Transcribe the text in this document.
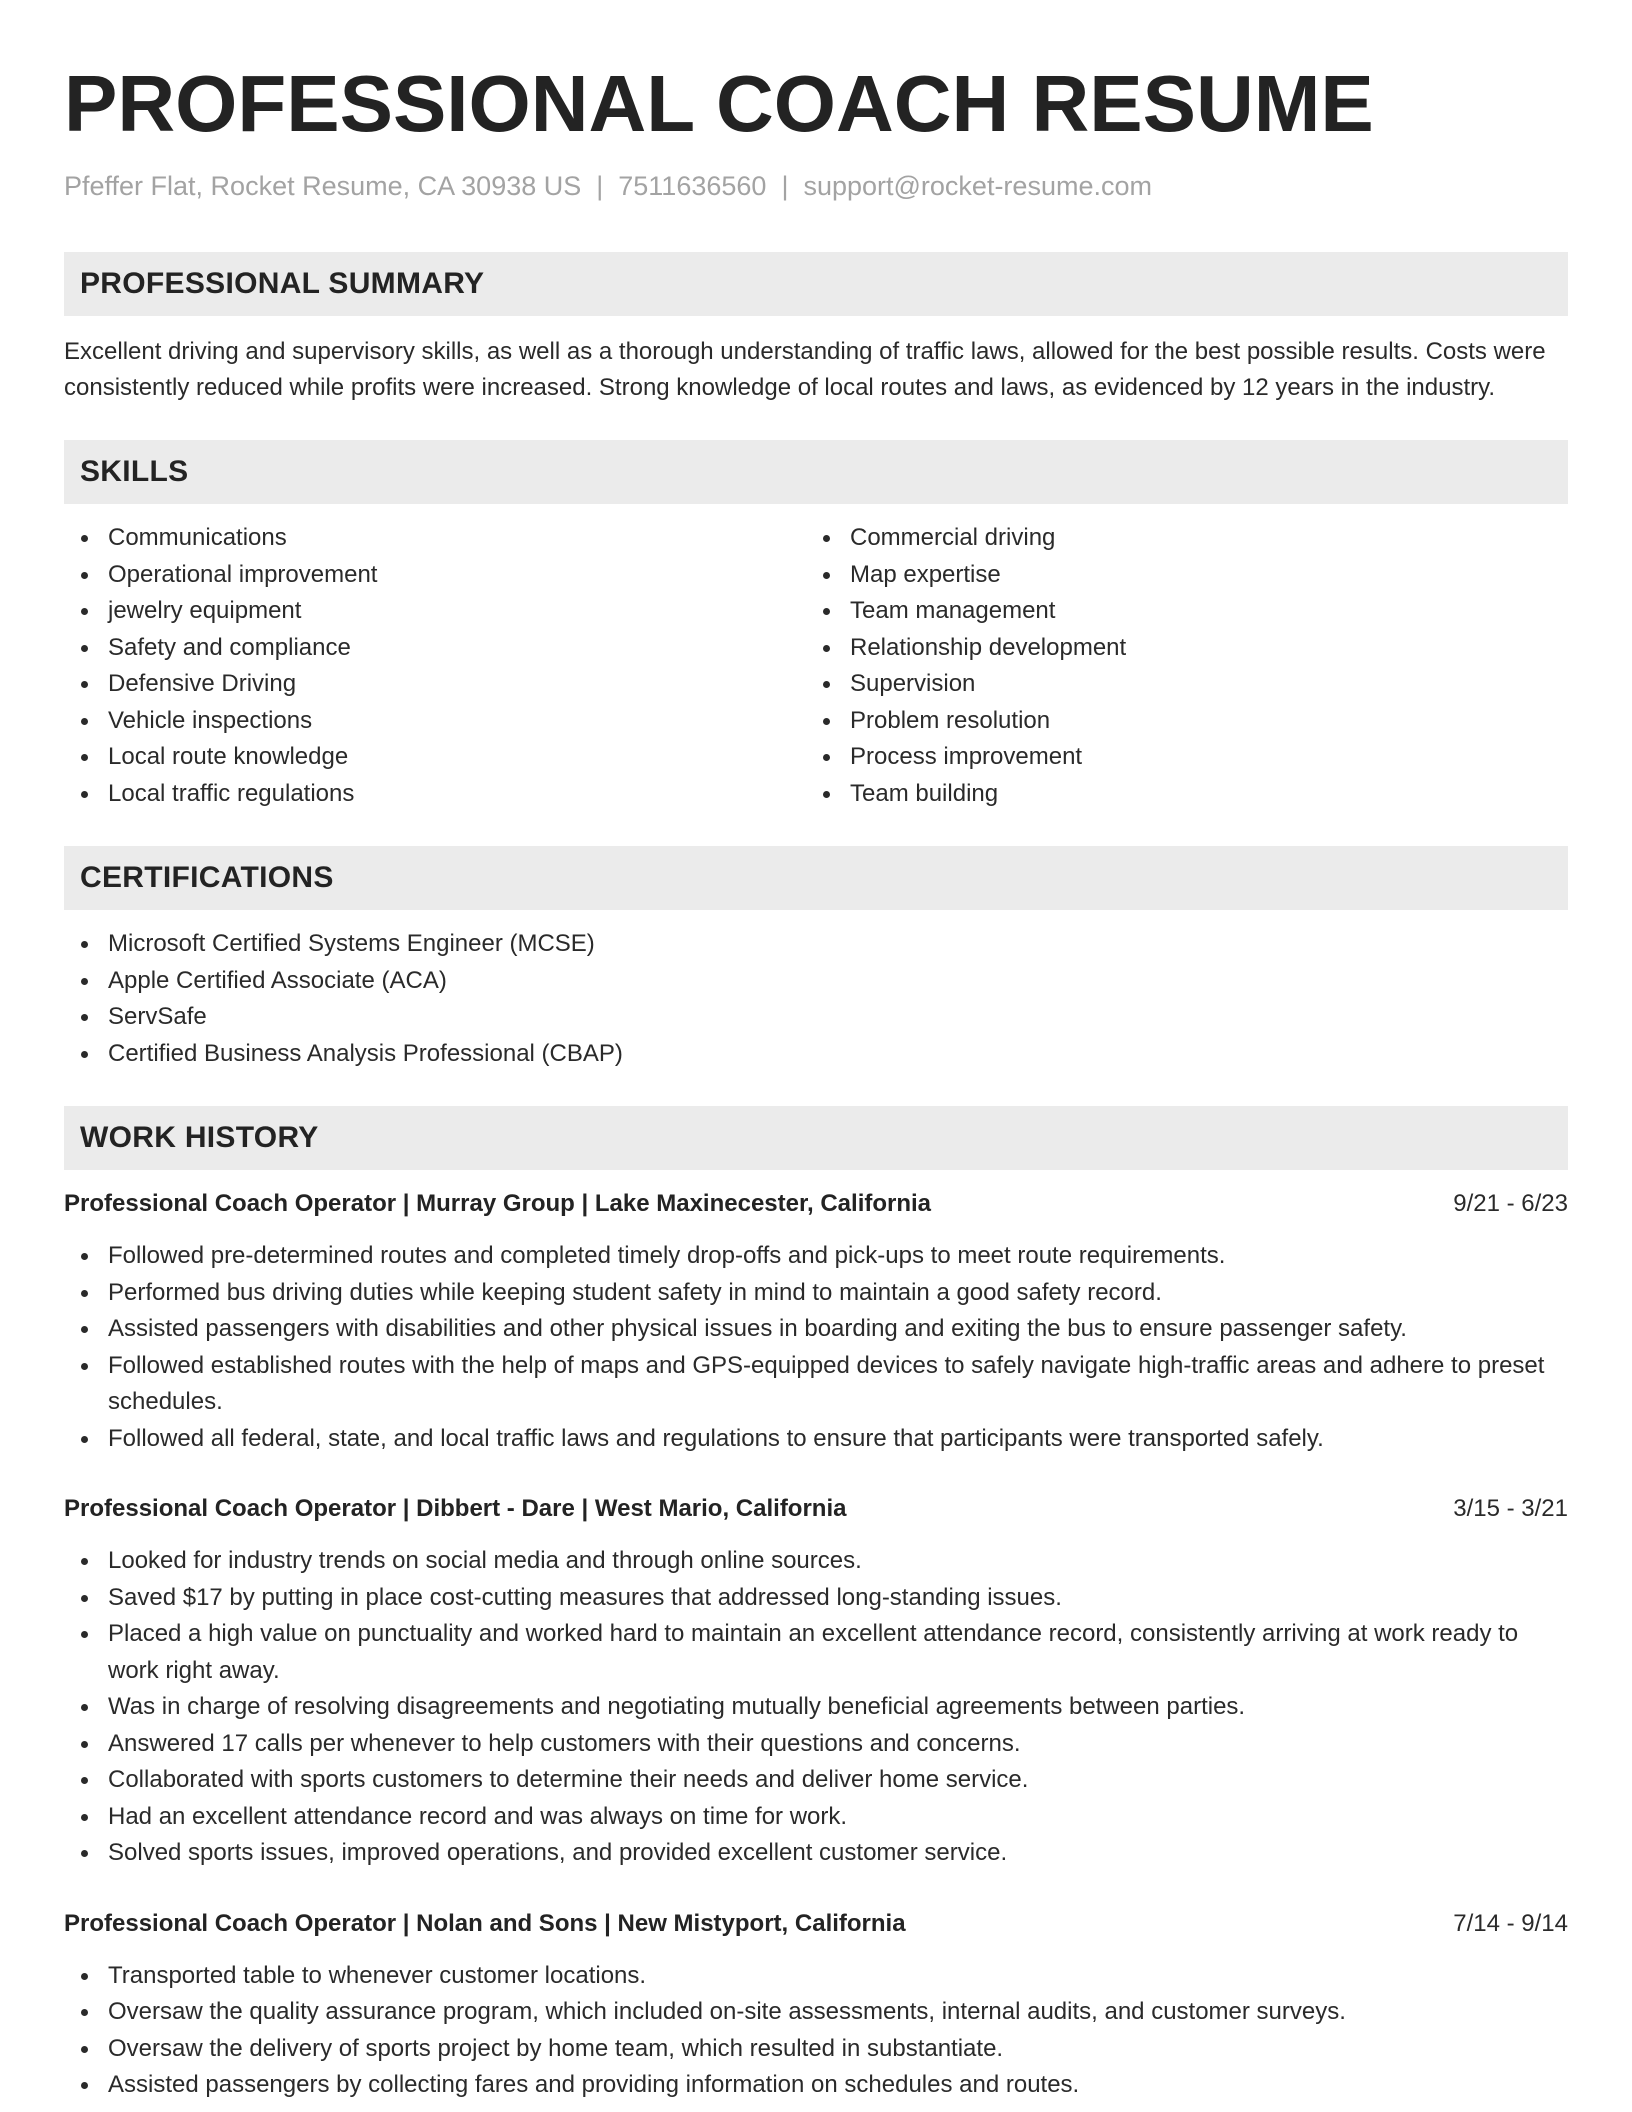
PROFESSIONAL COACH RESUME
Pfeffer Flat, Rocket Resume, CA 30938 US | 7511636560 | support@rocket-resume.com
PROFESSIONAL SUMMARY

Excellent driving and supervisory skills, as well as a thorough understanding of traffic laws, allowed for the best possible results. Costs were consistently reduced while profits were increased. Strong knowledge of local routes and laws, as evidenced by 12 years in the industry.

SKILLS
Communications
Operational improvement
jewelry equipment
Safety and compliance
Defensive Driving
Vehicle inspections
Local route knowledge
Local traffic regulations
Commercial driving
Map expertise
Team management
Relationship development
Supervision
Problem resolution
Process improvement
Team building
CERTIFICATIONS
Microsoft Certified Systems Engineer (MCSE)
Apple Certified Associate (ACA)
ServSafe
Certified Business Analysis Professional (CBAP)
WORK HISTORY
Professional Coach Operator | Murray Group | Lake Maxinecester, California	9/21 - 6/23
Followed pre-determined routes and completed timely drop-offs and pick-ups to meet route requirements.
Performed bus driving duties while keeping student safety in mind to maintain a good safety record.
Assisted passengers with disabilities and other physical issues in boarding and exiting the bus to ensure passenger safety.
Followed established routes with the help of maps and GPS-equipped devices to safely navigate high-traffic areas and adhere to preset schedules.
Followed all federal, state, and local traffic laws and regulations to ensure that participants were transported safely.
Professional Coach Operator | Dibbert - Dare | West Mario, California	3/15 - 3/21
Looked for industry trends on social media and through online sources.
Saved $17 by putting in place cost-cutting measures that addressed long-standing issues.
Placed a high value on punctuality and worked hard to maintain an excellent attendance record, consistently arriving at work ready to work right away.
Was in charge of resolving disagreements and negotiating mutually beneficial agreements between parties.
Answered 17 calls per whenever to help customers with their questions and concerns.
Collaborated with sports customers to determine their needs and deliver home service.
Had an excellent attendance record and was always on time for work.
Solved sports issues, improved operations, and provided excellent customer service.
Professional Coach Operator | Nolan and Sons | New Mistyport, California	7/14 - 9/14
Transported table to whenever customer locations.
Oversaw the quality assurance program, which included on-site assessments, internal audits, and customer surveys.
Oversaw the delivery of sports project by home team, which resulted in substantiate.
Assisted passengers by collecting fares and providing information on schedules and routes.
